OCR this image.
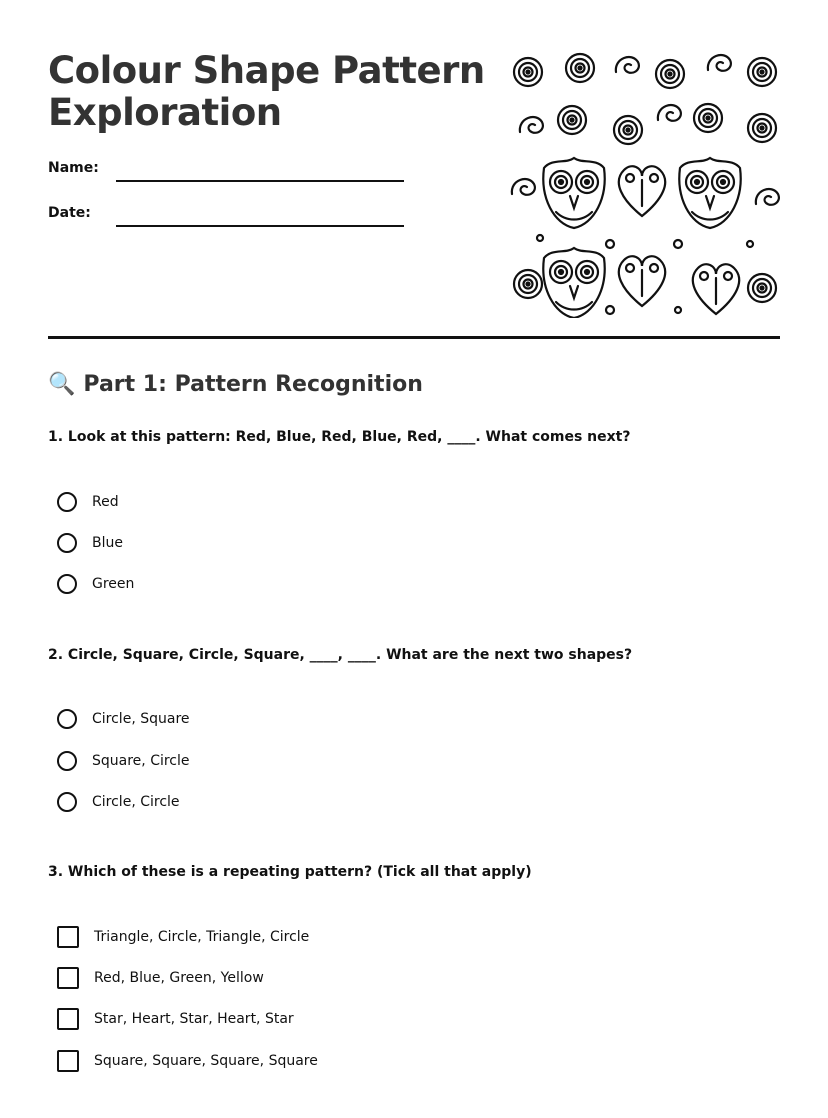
Colour Shape Pattern Exploration
Name:
Date:
🔍 Part 1: Pattern Recognition
1. Look at this pattern: Red, Blue, Red, Blue, Red, ____. What comes next?
Red
Blue
Green
2. Circle, Square, Circle, Square, ____, ____. What are the next two shapes?
Circle, Square
Square, Circle
Circle, Circle
3. Which of these is a repeating pattern? (Tick all that apply)
Triangle, Circle, Triangle, Circle
Red, Blue, Green, Yellow
Star, Heart, Star, Heart, Star
Square, Square, Square, Square
